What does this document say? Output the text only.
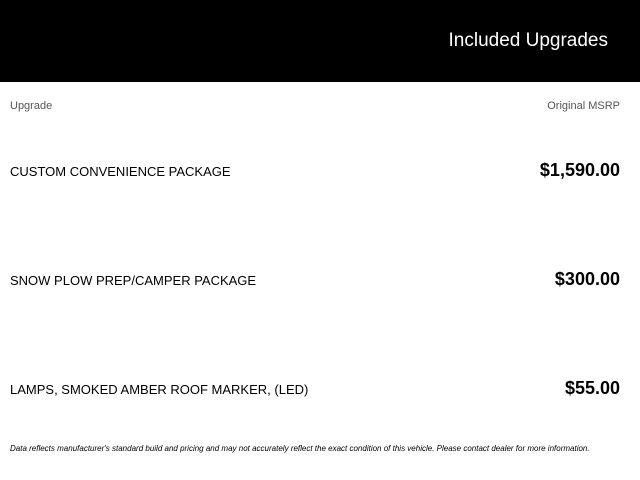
Included Upgrades
Upgrade	Original MSRP
CUSTOM CONVENIENCE PACKAGE	$1,590.00
SNOW PLOW PREP/CAMPER PACKAGE	$300.00
LAMPS, SMOKED AMBER ROOF MARKER, (LED)	$55.00
Data reflects manufacturer's standard build and pricing and may not accurately reflect the exact condition of this vehicle. Please contact dealer for more information.
